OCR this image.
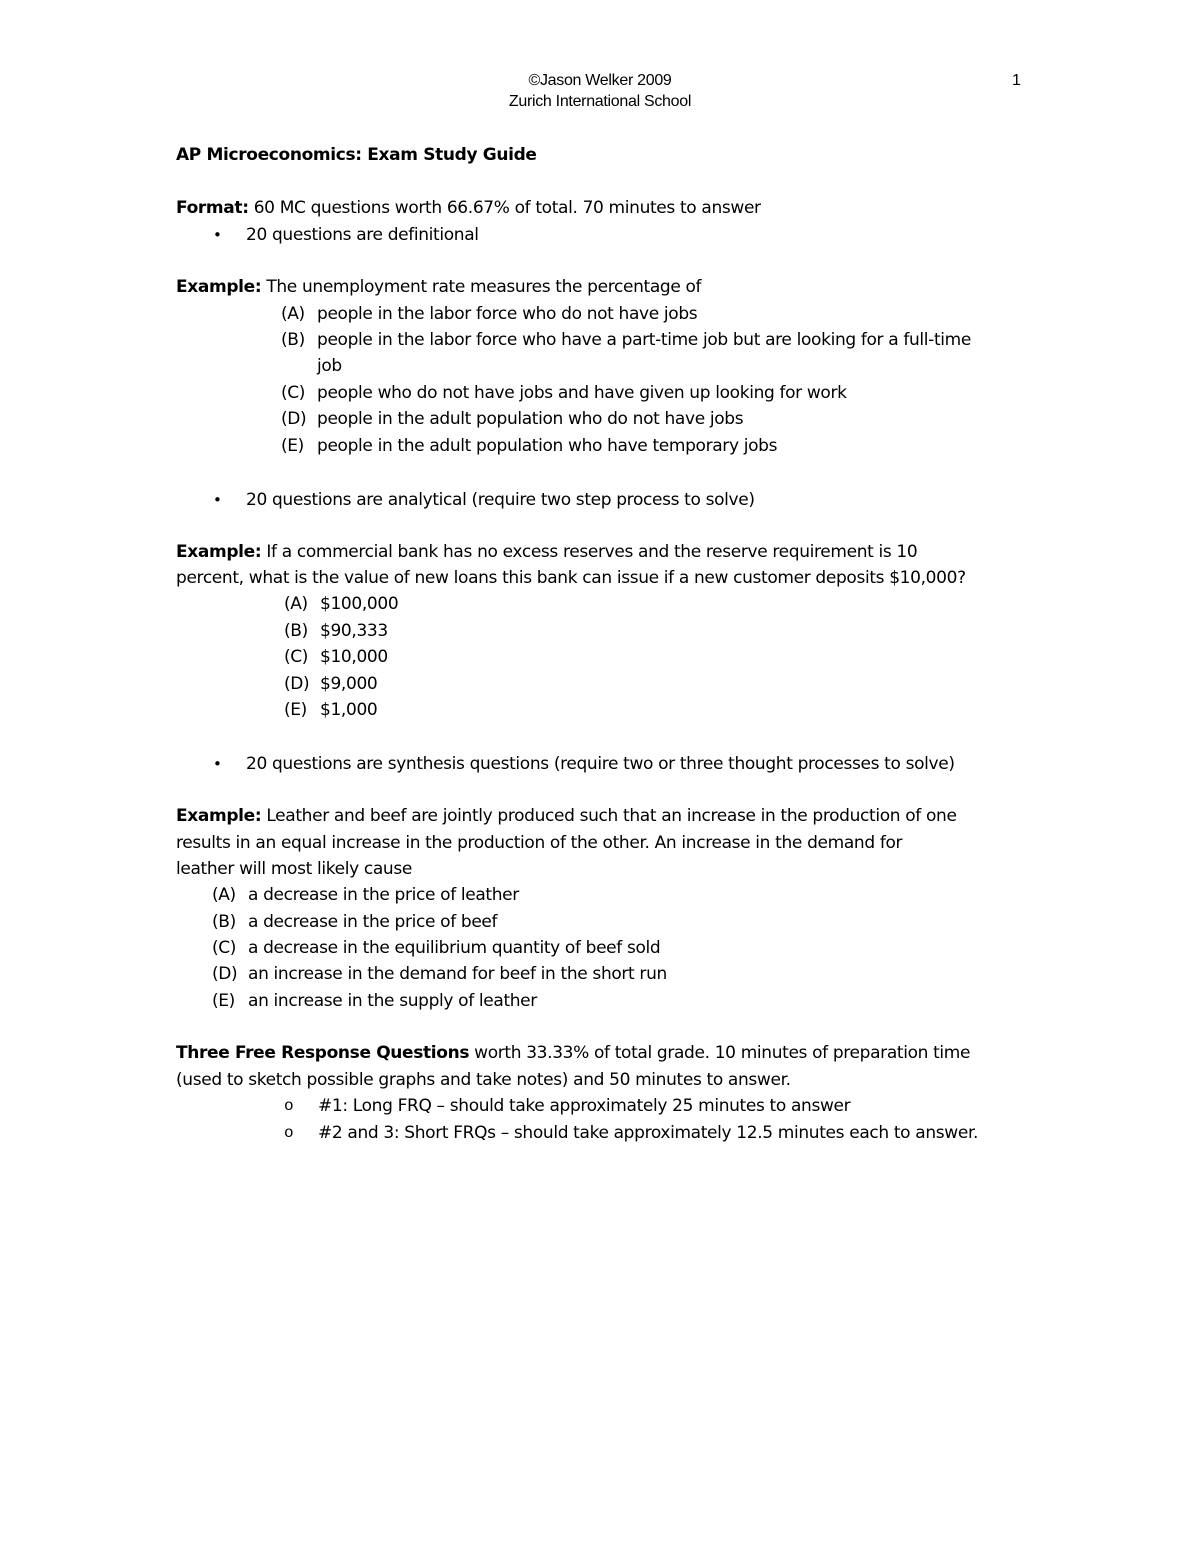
©Jason Welker 2009
Zurich International School
1
AP Microeconomics: Exam Study Guide
Format: 60 MC questions worth 66.67% of total. 70 minutes to answer
• 20 questions are definitional
Example: The unemployment rate measures the percentage of
(A) people in the labor force who do not have jobs
(B) people in the labor force who have a part-time job but are looking for a full-time
job
(C) people who do not have jobs and have given up looking for work
(D) people in the adult population who do not have jobs
(E) people in the adult population who have temporary jobs
• 20 questions are analytical (require two step process to solve)
Example: If a commercial bank has no excess reserves and the reserve requirement is 10
percent, what is the value of new loans this bank can issue if a new customer deposits $10,000?
(A) $100,000
(B) $90,333
(C) $10,000
(D) $9,000
(E) $1,000
• 20 questions are synthesis questions (require two or three thought processes to solve)
Example: Leather and beef are jointly produced such that an increase in the production of one
results in an equal increase in the production of the other. An increase in the demand for
leather will most likely cause
(A) a decrease in the price of leather
(B) a decrease in the price of beef
(C) a decrease in the equilibrium quantity of beef sold
(D) an increase in the demand for beef in the short run
(E) an increase in the supply of leather
Three Free Response Questions worth 33.33% of total grade. 10 minutes of preparation time
(used to sketch possible graphs and take notes) and 50 minutes to answer.
o #1: Long FRQ – should take approximately 25 minutes to answer
o #2 and 3: Short FRQs – should take approximately 12.5 minutes each to answer.
